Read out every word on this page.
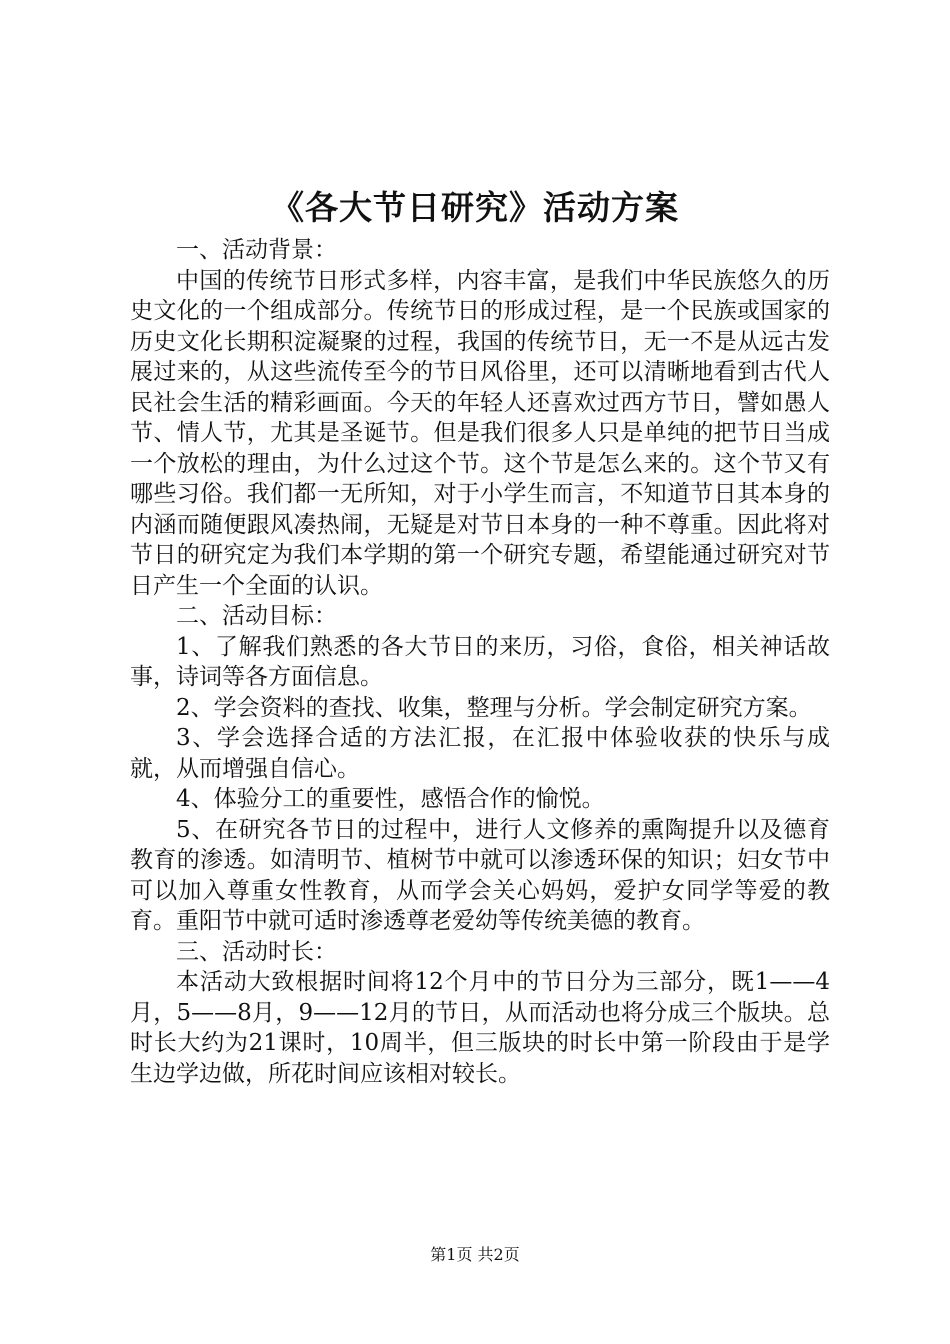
《各大节日研究》活动方案

一、活动背景：

中国的传统节日形式多样，内容丰富，是我们中华民族悠久的历史文化的一个组成部分。传统节日的形成过程，是一个民族或国家的历史文化长期积淀凝聚的过程，我国的传统节日，无一不是从远古发展过来的，从这些流传至今的节日风俗里，还可以清晰地看到古代人民社会生活的精彩画面。今天的年轻人还喜欢过西方节日，譬如愚人节、情人节，尤其是圣诞节。但是我们很多人只是单纯的把节日当成一个放松的理由，为什么过这个节。这个节是怎么来的。这个节又有哪些习俗。我们都一无所知，对于小学生而言，不知道节日其本身的内涵而随便跟风凑热闹，无疑是对节日本身的一种不尊重。因此将对节日的研究定为我们本学期的第一个研究专题，希望能通过研究对节日产生一个全面的认识。

二、活动目标：

1、了解我们熟悉的各大节日的来历，习俗，食俗，相关神话故事，诗词等各方面信息。

2、学会资料的查找、收集，整理与分析。学会制定研究方案。

3、学会选择合适的方法汇报，在汇报中体验收获的快乐与成就，从而增强自信心。

4、体验分工的重要性，感悟合作的愉悦。

5、在研究各节日的过程中，进行人文修养的熏陶提升以及德育教育的渗透。如清明节、植树节中就可以渗透环保的知识；妇女节中可以加入尊重女性教育，从而学会关心妈妈，爱护女同学等爱的教育。重阳节中就可适时渗透尊老爱幼等传统美德的教育。

三、活动时长：

本活动大致根据时间将12个月中的节日分为三部分，既1——4月，5——8月，9——12月的节日，从而活动也将分成三个版块。总时长大约为21课时，10周半，但三版块的时长中第一阶段由于是学生边学边做，所花时间应该相对较长。

第1页 共2页
